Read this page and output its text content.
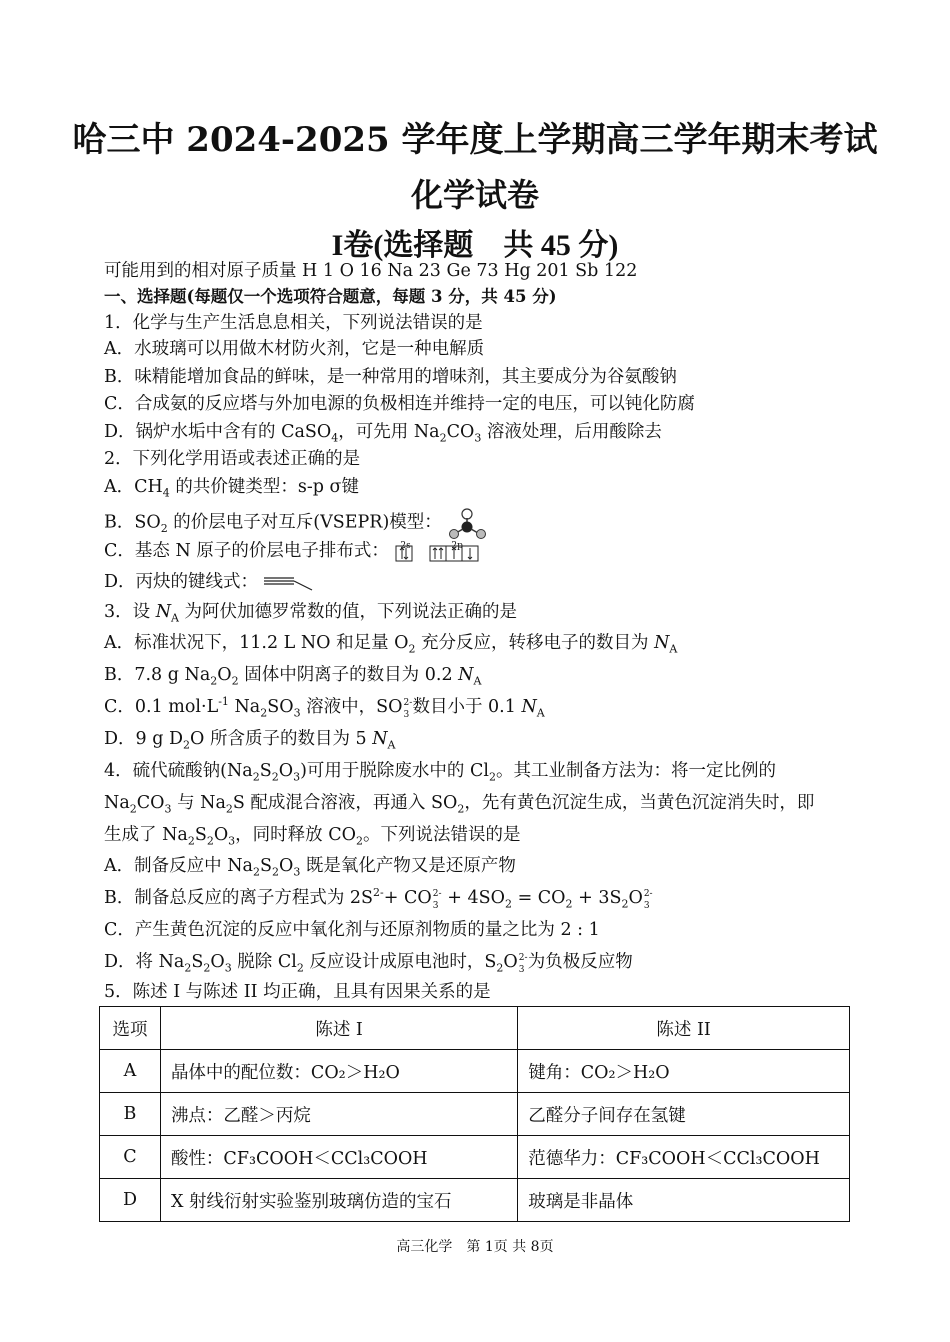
哈三中 2024-2025 学年度上学期高三学年期末考试
化学试卷
I卷(选择题　共 45 分)
可能用到的相对原子质量 H 1 O 16 Na 23 Ge 73 Hg 201 Sb 122
一、选择题(每题仅一个选项符合题意，每题 3 分，共 45 分)
1．化学与生产生活息息相关，下列说法错误的是
A．水玻璃可以用做木材防火剂，它是一种电解质
B．味精能增加食品的鲜味，是一种常用的增味剂，其主要成分为谷氨酸钠
C．合成氨的反应塔与外加电源的负极相连并维持一定的电压，可以钝化防腐
D．锅炉水垢中含有的 CaSO$_4$，可先用 $Na_2CO_3$ 溶液处理，后用酸除去
2．下列化学用语或表述正确的是
A．$CH_4$ 的共价键类型：s-p σ键
B．$SO_2$ 的价层电子对互斥(VSEPR)模型：
C．基态 N 原子的价层电子排布式： 2s	2p
D．丙炔的键线式：
3．设 $N_A$ 为阿伏加德罗常数的值，下列说法正确的是
A．标准状况下，11.2 L NO 和足量 $O_2$ 充分反应，转移电子的数目为 $N_A$
B．7.8 g $Na_2O_2$ 固体中阴离子的数目为 0.2 $N_A$
C．0.1 $mol\cdot L^{-1}$ $Na_2SO_3$ 溶液中，SO 2-
3 数目小于 0.1 $N_A$
D．9 g $D_2O$ 所含质子的数目为 5 $N_A$
4．硫代硫酸钠$(Na_2S_2O_3)$可用于脱除废水中的 $Cl_2$。其工业制备方法为：将一定比例的
$Na_2CO_3$ 与 $Na_2S$ 配成混合溶液，再通入 $SO_2$，先有黄色沉淀生成，当黄色沉淀消失时，即
生成了 $Na_2S_2O_3$，同时释放 $CO_2$。下列说法错误的是
A．制备反应中 $Na_2S_2O_3$ 既是氧化产物又是还原产物
B．制备总反应的离子方程式为 $2S^{2-}+$ CO 2-
$3 + 4SO_2 = CO_2 + 3S_2O$ 2-
3
C．产生黄色沉淀的反应中氧化剂与还原剂物质的量之比为 2 : 1
D．将 $Na_2S_2O_3$ 脱除 $Cl_2$ 反应设计成原电池时，$S_2O$ 2-
3 为负极反应物
5．陈述 I 与陈述 II 均正确，且具有因果关系的是
选项	陈述 I	陈述 II
A	晶体中的配位数：CO₂＞H₂O	键角：CO₂＞H₂O
B	沸点：乙醛＞丙烷	乙醛分子间存在氢键
C	酸性：CF₃COOH＜CCl₃COOH	范德华力：CF₃COOH＜CCl₃COOH
D	X 射线衍射实验鉴别玻璃仿造的宝石	玻璃是非晶体
高三化学　第 1页 共 8页
